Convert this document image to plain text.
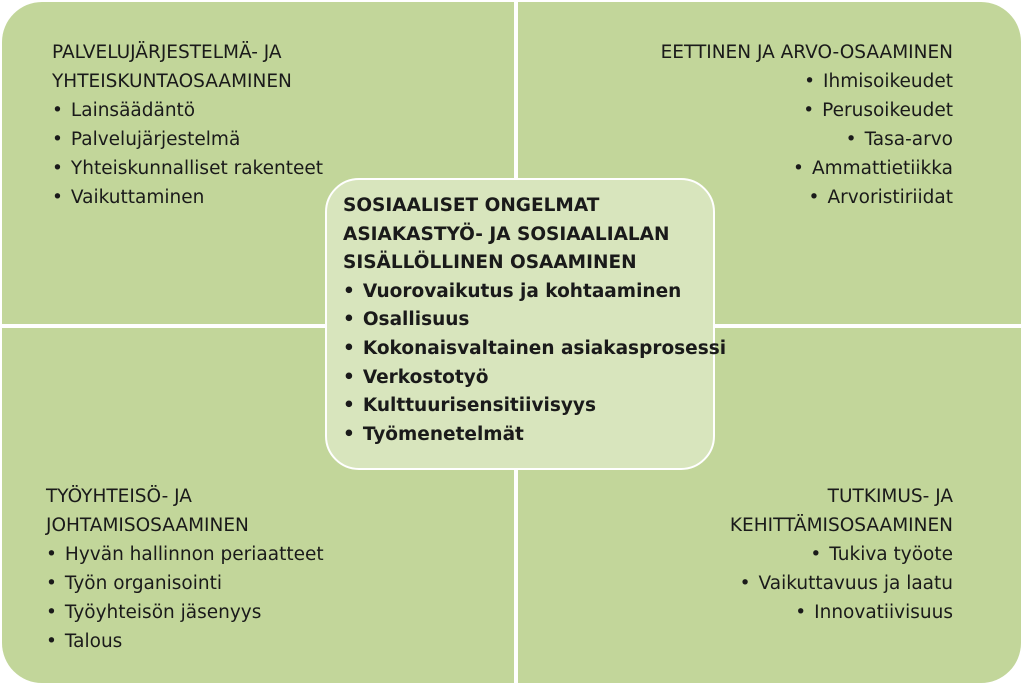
PALVELUJÄRJESTELMÄ- JA
YHTEISKUNTAOSAAMINEN
• Lainsäädäntö
• Palvelujärjestelmä
• Yhteiskunnalliset rakenteet
• Vaikuttaminen
EETTINEN JA ARVO-OSAAMINEN
• Ihmisoikeudet
• Perusoikeudet
• Tasa-arvo
• Ammattietiikka
• Arvoristiriidat
TYÖYHTEISÖ- JA
JOHTAMISOSAAMINEN
• Hyvän hallinnon periaatteet
• Työn organisointi
• Työyhteisön jäsenyys
• Talous
TUTKIMUS- JA
KEHITTÄMISOSAAMINEN
• Tukiva työote
• Vaikuttavuus ja laatu
• Innovatiivisuus
SOSIAALISET ONGELMAT
ASIAKASTYÖ- JA SOSIAALIALAN
SISÄLLÖLLINEN OSAAMINEN
• Vuorovaikutus ja kohtaaminen
• Osallisuus
• Kokonaisvaltainen asiakasprosessi
• Verkostotyö
• Kulttuurisensitiivisyys
• Työmenetelmät
